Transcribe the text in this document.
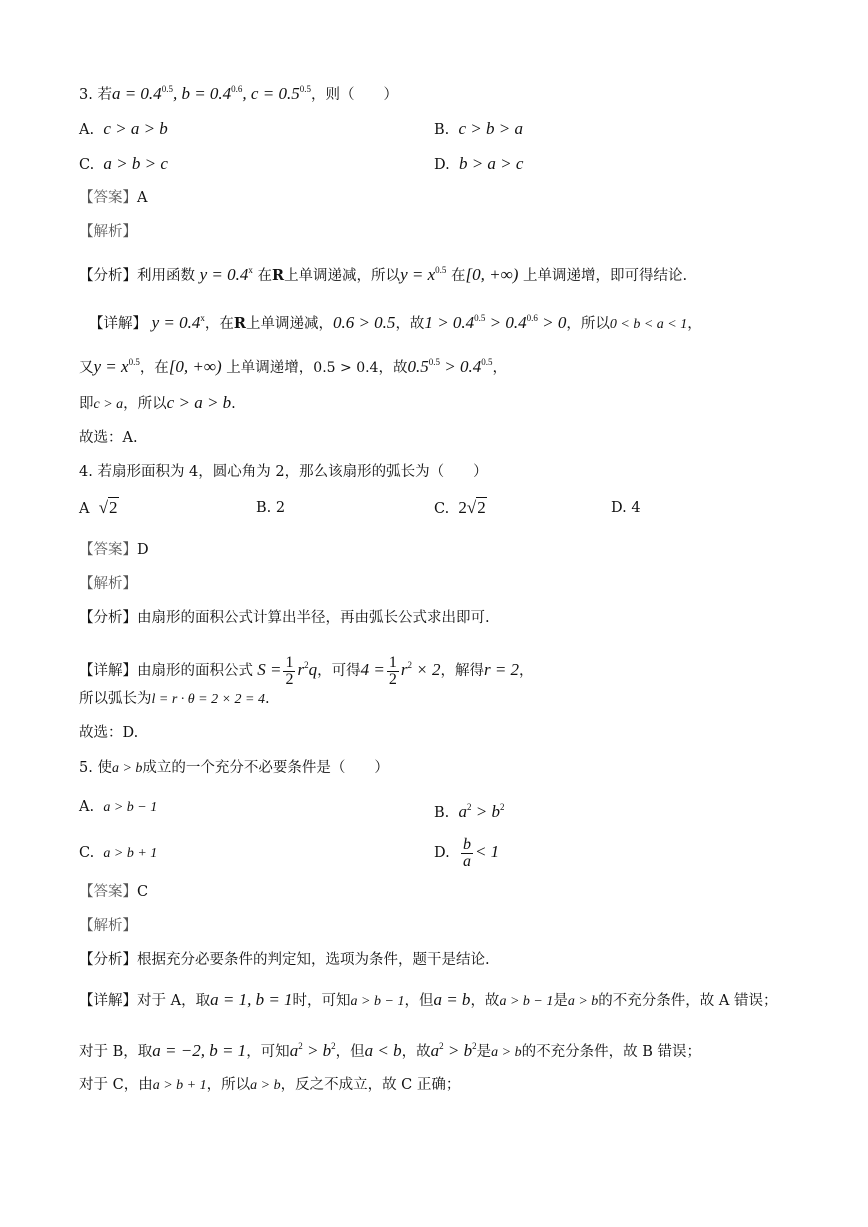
3. 若$a = 0.4^{0.5}$, $b = 0.4^{0.6}$, $c = 0.5^{0.5}$，则（　　）
A. c > a > b	B. c > b > a
C. a > b > c	D. b > a > c
【答案】A
【解析】
【分析】利用函数 $y = 0.4^x$ 在R上单调递减，所以$y = x^{0.5}$ 在[0, +∞) 上单调递增，即可得结论.
【详解】 $y = 0.4^x$，在R上单调递减，0.6 > 0.5，故$1 > 0.4^{0.5} > 0.4^{0.6} > 0$，所以0 < b < a < 1，
又$y = x^{0.5}$，在[0, +∞) 上单调递增，0.5 > 0.4，故$0.5^{0.5} > 0.4^{0.5}$，
即c > a，所以c > a > b.
故选：A.
4. 若扇形面积为 4，圆心角为 2，那么该扇形的弧长为（　　）
A √2	B. 2	C. 2√2	D. 4
【答案】D
【解析】
【分析】由扇形的面积公式计算出半径，再由弧长公式求出即可.
【详解】由扇形的面积公式 $S = \frac{1}{2} r^2q$，可得$4 = \frac{1}{2} r^2 \times 2$，解得r = 2，
所以弧长为l = r · θ = 2 × 2 = 4.
故选：D.
5. 使a > b成立的一个充分不必要条件是（　　）
A. a > b − 1	B. $a^2 > b^2$
C. a > b + 1	D. $\frac{b}{a} < 1$
【答案】C
【解析】
【分析】根据充分必要条件的判定知，选项为条件，题干是结论.
【详解】对于 A，取a = 1, b = 1时，可知a > b − 1，但a = b，故a > b − 1是a > b的不充分条件，故 A 错误；
对于 B，取a = −2, b = 1，可知$a^2 > b^2$，但a < b，故$a^2 > b^2$是a > b的不充分条件，故 B 错误；
对于 C，由a > b + 1，所以a > b，反之不成立，故 C 正确；
